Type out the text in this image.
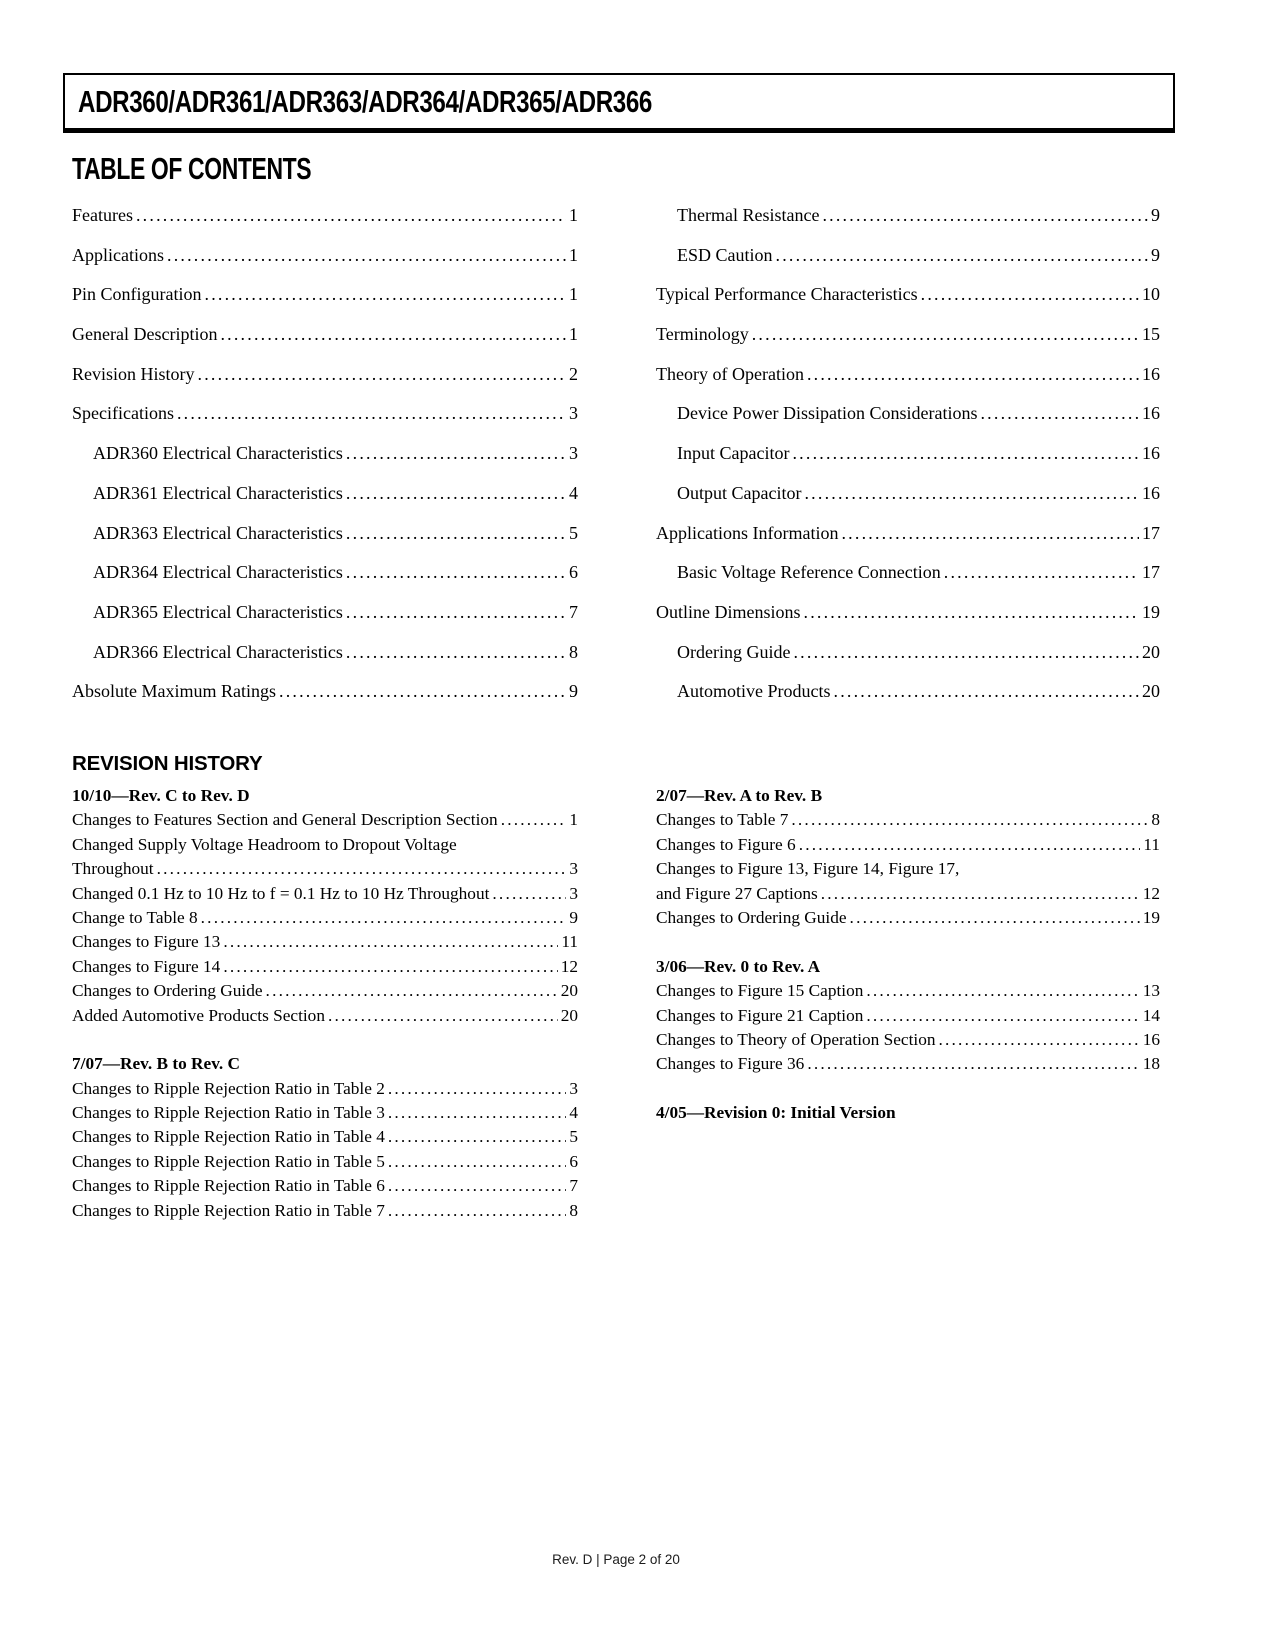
ADR360/ADR361/ADR363/ADR364/ADR365/ADR366
TABLE OF CONTENTS
Features .....	1
Applications .....	1
Pin Configuration .....	1
General Description .....	1
Revision History .....	2
Specifications .....	3
ADR360 Electrical Characteristics .....	3
ADR361 Electrical Characteristics .....	4
ADR363 Electrical Characteristics .....	5
ADR364 Electrical Characteristics .....	6
ADR365 Electrical Characteristics .....	7
ADR366 Electrical Characteristics .....	8
Absolute Maximum Ratings .....	9
Thermal Resistance .....	9
ESD Caution .....	9
Typical Performance Characteristics .....	10
Terminology .....	15
Theory of Operation .....	16
Device Power Dissipation Considerations .....	16
Input Capacitor .....	16
Output Capacitor .....	16
Applications Information .....	17
Basic Voltage Reference Connection .....	17
Outline Dimensions .....	19
Ordering Guide .....	20
Automotive Products .....	20
REVISION HISTORY
10/10—Rev. C to Rev. D
Changes to Features Section and General Description Section .....	1
Changed Supply Voltage Headroom to Dropout Voltage
Throughout .....	3
Changed 0.1 Hz to 10 Hz to f = 0.1 Hz to 10 Hz Throughout .....	3
Change to Table 8 .....	9
Changes to Figure 13 .....	11
Changes to Figure 14 .....	12
Changes to Ordering Guide .....	20
Added Automotive Products Section .....	20
7/07—Rev. B to Rev. C
Changes to Ripple Rejection Ratio in Table 2 .....	3
Changes to Ripple Rejection Ratio in Table 3 .....	4
Changes to Ripple Rejection Ratio in Table 4 .....	5
Changes to Ripple Rejection Ratio in Table 5 .....	6
Changes to Ripple Rejection Ratio in Table 6 .....	7
Changes to Ripple Rejection Ratio in Table 7 .....	8
2/07—Rev. A to Rev. B
Changes to Table 7 .....	8
Changes to Figure 6 .....	11
Changes to Figure 13, Figure 14, Figure 17,
and Figure 27 Captions .....	12
Changes to Ordering Guide .....	19
3/06—Rev. 0 to Rev. A
Changes to Figure 15 Caption .....	13
Changes to Figure 21 Caption .....	14
Changes to Theory of Operation Section .....	16
Changes to Figure 36 .....	18
4/05—Revision 0: Initial Version
Rev. D | Page 2 of 20
